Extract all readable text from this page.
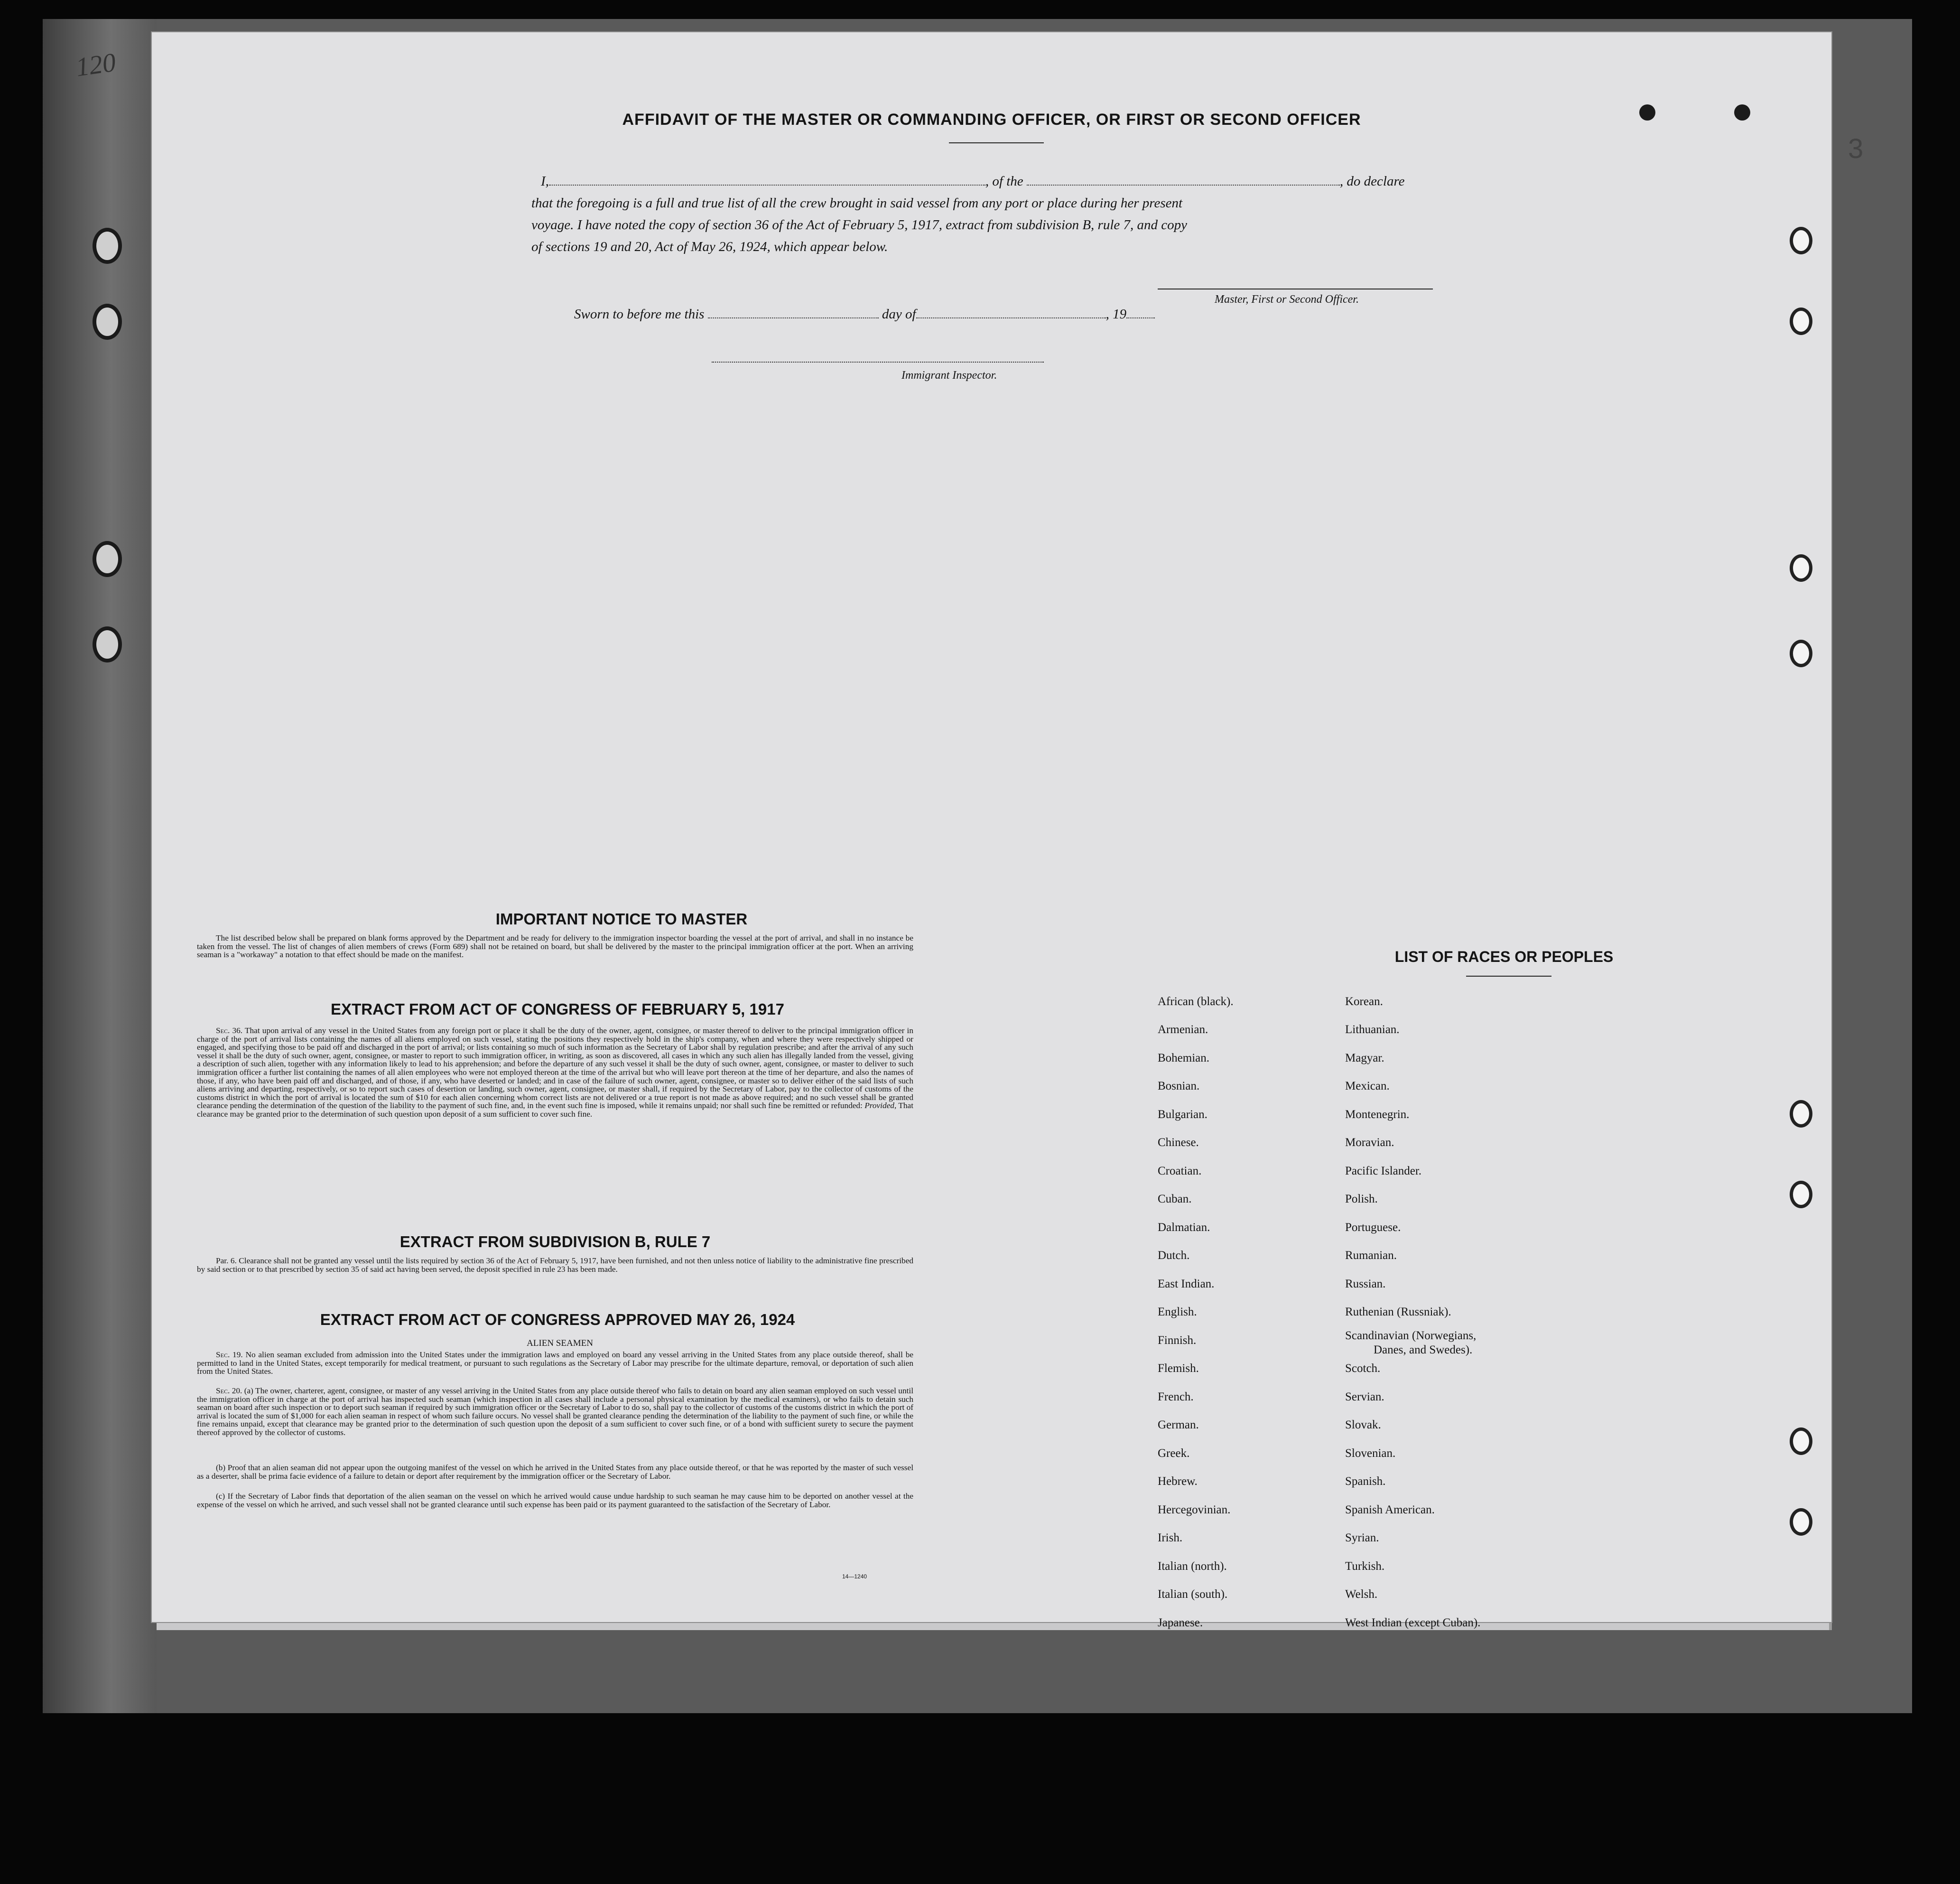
120
3
AFFIDAVIT OF THE MASTER OR COMMANDING OFFICER, OR FIRST OR SECOND OFFICER
I,	, of the	, do declare
that the foregoing is a full and true list of all the crew brought in said vessel from any port or place during her present
voyage. I have noted the copy of section 36 of the Act of February 5, 1917, extract from subdivision B, rule 7, and copy
of sections 19 and 20, Act of May 26, 1924, which appear below.
Master, First or Second Officer.
Sworn to before me this	day of	, 19
Immigrant Inspector.
IMPORTANT NOTICE TO MASTER

The list described below shall be prepared on blank forms approved by the Department and be ready for delivery to the immigration inspector boarding the vessel at the port of arrival, and shall in no instance be taken from the vessel. The list of changes of alien members of crews (Form 689) shall not be retained on board, but shall be delivered by the master to the principal immigration officer at the port. When an arriving seaman is a "workaway" a notation to that effect should be made on the manifest.

EXTRACT FROM ACT OF CONGRESS OF FEBRUARY 5, 1917

Sec. 36. That upon arrival of any vessel in the United States from any foreign port or place it shall be the duty of the owner, agent, consignee, or master thereof to deliver to the principal immigration officer in charge of the port of arrival lists containing the names of all aliens employed on such vessel, stating the positions they respectively hold in the ship's company, when and where they were respectively shipped or engaged, and specifying those to be paid off and discharged in the port of arrival; or lists containing so much of such information as the Secretary of Labor shall by regulation prescribe; and after the arrival of any such vessel it shall be the duty of such owner, agent, consignee, or master to report to such immigration officer, in writing, as soon as discovered, all cases in which any such alien has illegally landed from the vessel, giving a description of such alien, together with any information likely to lead to his apprehension; and before the departure of any such vessel it shall be the duty of such owner, agent, consignee, or master to deliver to such immigration officer a further list containing the names of all alien employees who were not employed thereon at the time of the arrival but who will leave port thereon at the time of her departure, and also the names of those, if any, who have been paid off and discharged, and of those, if any, who have deserted or landed; and in case of the failure of such owner, agent, consignee, or master so to deliver either of the said lists of such aliens arriving and departing, respectively, or so to report such cases of desertion or landing, such owner, agent, consignee, or master shall, if required by the Secretary of Labor, pay to the collector of customs of the customs district in which the port of arrival is located the sum of $10 for each alien concerning whom correct lists are not delivered or a true report is not made as above required; and no such vessel shall be granted clearance pending the determination of the question of the liability to the payment of such fine, and, in the event such fine is imposed, while it remains unpaid; nor shall such fine be remitted or refunded: Provided, That clearance may be granted prior to the determination of such question upon deposit of a sum sufficient to cover such fine.

EXTRACT FROM SUBDIVISION B, RULE 7

Par. 6. Clearance shall not be granted any vessel until the lists required by section 36 of the Act of February 5, 1917, have been furnished, and not then unless notice of liability to the administrative fine prescribed by said section or to that prescribed by section 35 of said act having been served, the deposit specified in rule 23 has been made.

EXTRACT FROM ACT OF CONGRESS APPROVED MAY 26, 1924
ALIEN SEAMEN

Sec. 19. No alien seaman excluded from admission into the United States under the immigration laws and employed on board any vessel arriving in the United States from any place outside thereof, shall be permitted to land in the United States, except temporarily for medical treatment, or pursuant to such regulations as the Secretary of Labor may prescribe for the ultimate departure, removal, or deportation of such alien from the United States.

Sec. 20. (a) The owner, charterer, agent, consignee, or master of any vessel arriving in the United States from any place outside thereof who fails to detain on board any alien seaman employed on such vessel until the immigration officer in charge at the port of arrival has inspected such seaman (which inspection in all cases shall include a personal physical examination by the medical examiners), or who fails to detain such seaman on board after such inspection or to deport such seaman if required by such immigration officer or the Secretary of Labor to do so, shall pay to the collector of customs of the customs district in which the port of arrival is located the sum of $1,000 for each alien seaman in respect of whom such failure occurs. No vessel shall be granted clearance pending the determination of the liability to the payment of such fine, or while the fine remains unpaid, except that clearance may be granted prior to the determination of such question upon the deposit of a sum sufficient to cover such fine, or of a bond with sufficient surety to secure the payment thereof approved by the collector of customs.

(b) Proof that an alien seaman did not appear upon the outgoing manifest of the vessel on which he arrived in the United States from any place outside thereof, or that he was reported by the master of such vessel as a deserter, shall be prima facie evidence of a failure to detain or deport after requirement by the immigration officer or the Secretary of Labor.

(c) If the Secretary of Labor finds that deportation of the alien seaman on the vessel on which he arrived would cause undue hardship to such seaman he may cause him to be deported on another vessel at the expense of the vessel on which he arrived, and such vessel shall not be granted clearance until such expense has been paid or its payment guaranteed to the satisfaction of the Secretary of Labor.

14—1240
LIST OF RACES OR PEOPLES
African (black).
Armenian.
Bohemian.
Bosnian.
Bulgarian.
Chinese.
Croatian.
Cuban.
Dalmatian.
Dutch.
East Indian.
English.
Finnish.
Flemish.
French.
German.
Greek.
Hebrew.
Hercegovinian.
Irish.
Italian (north).
Italian (south).
Japanese.
Korean.
Lithuanian.
Magyar.
Mexican.
Montenegrin.
Moravian.
Pacific Islander.
Polish.
Portuguese.
Rumanian.
Russian.
Ruthenian (Russniak).
Scandinavian (Norwegians,
Danes, and Swedes).
Scotch.
Servian.
Slovak.
Slovenian.
Spanish.
Spanish American.
Syrian.
Turkish.
Welsh.
West Indian (except Cuban).
